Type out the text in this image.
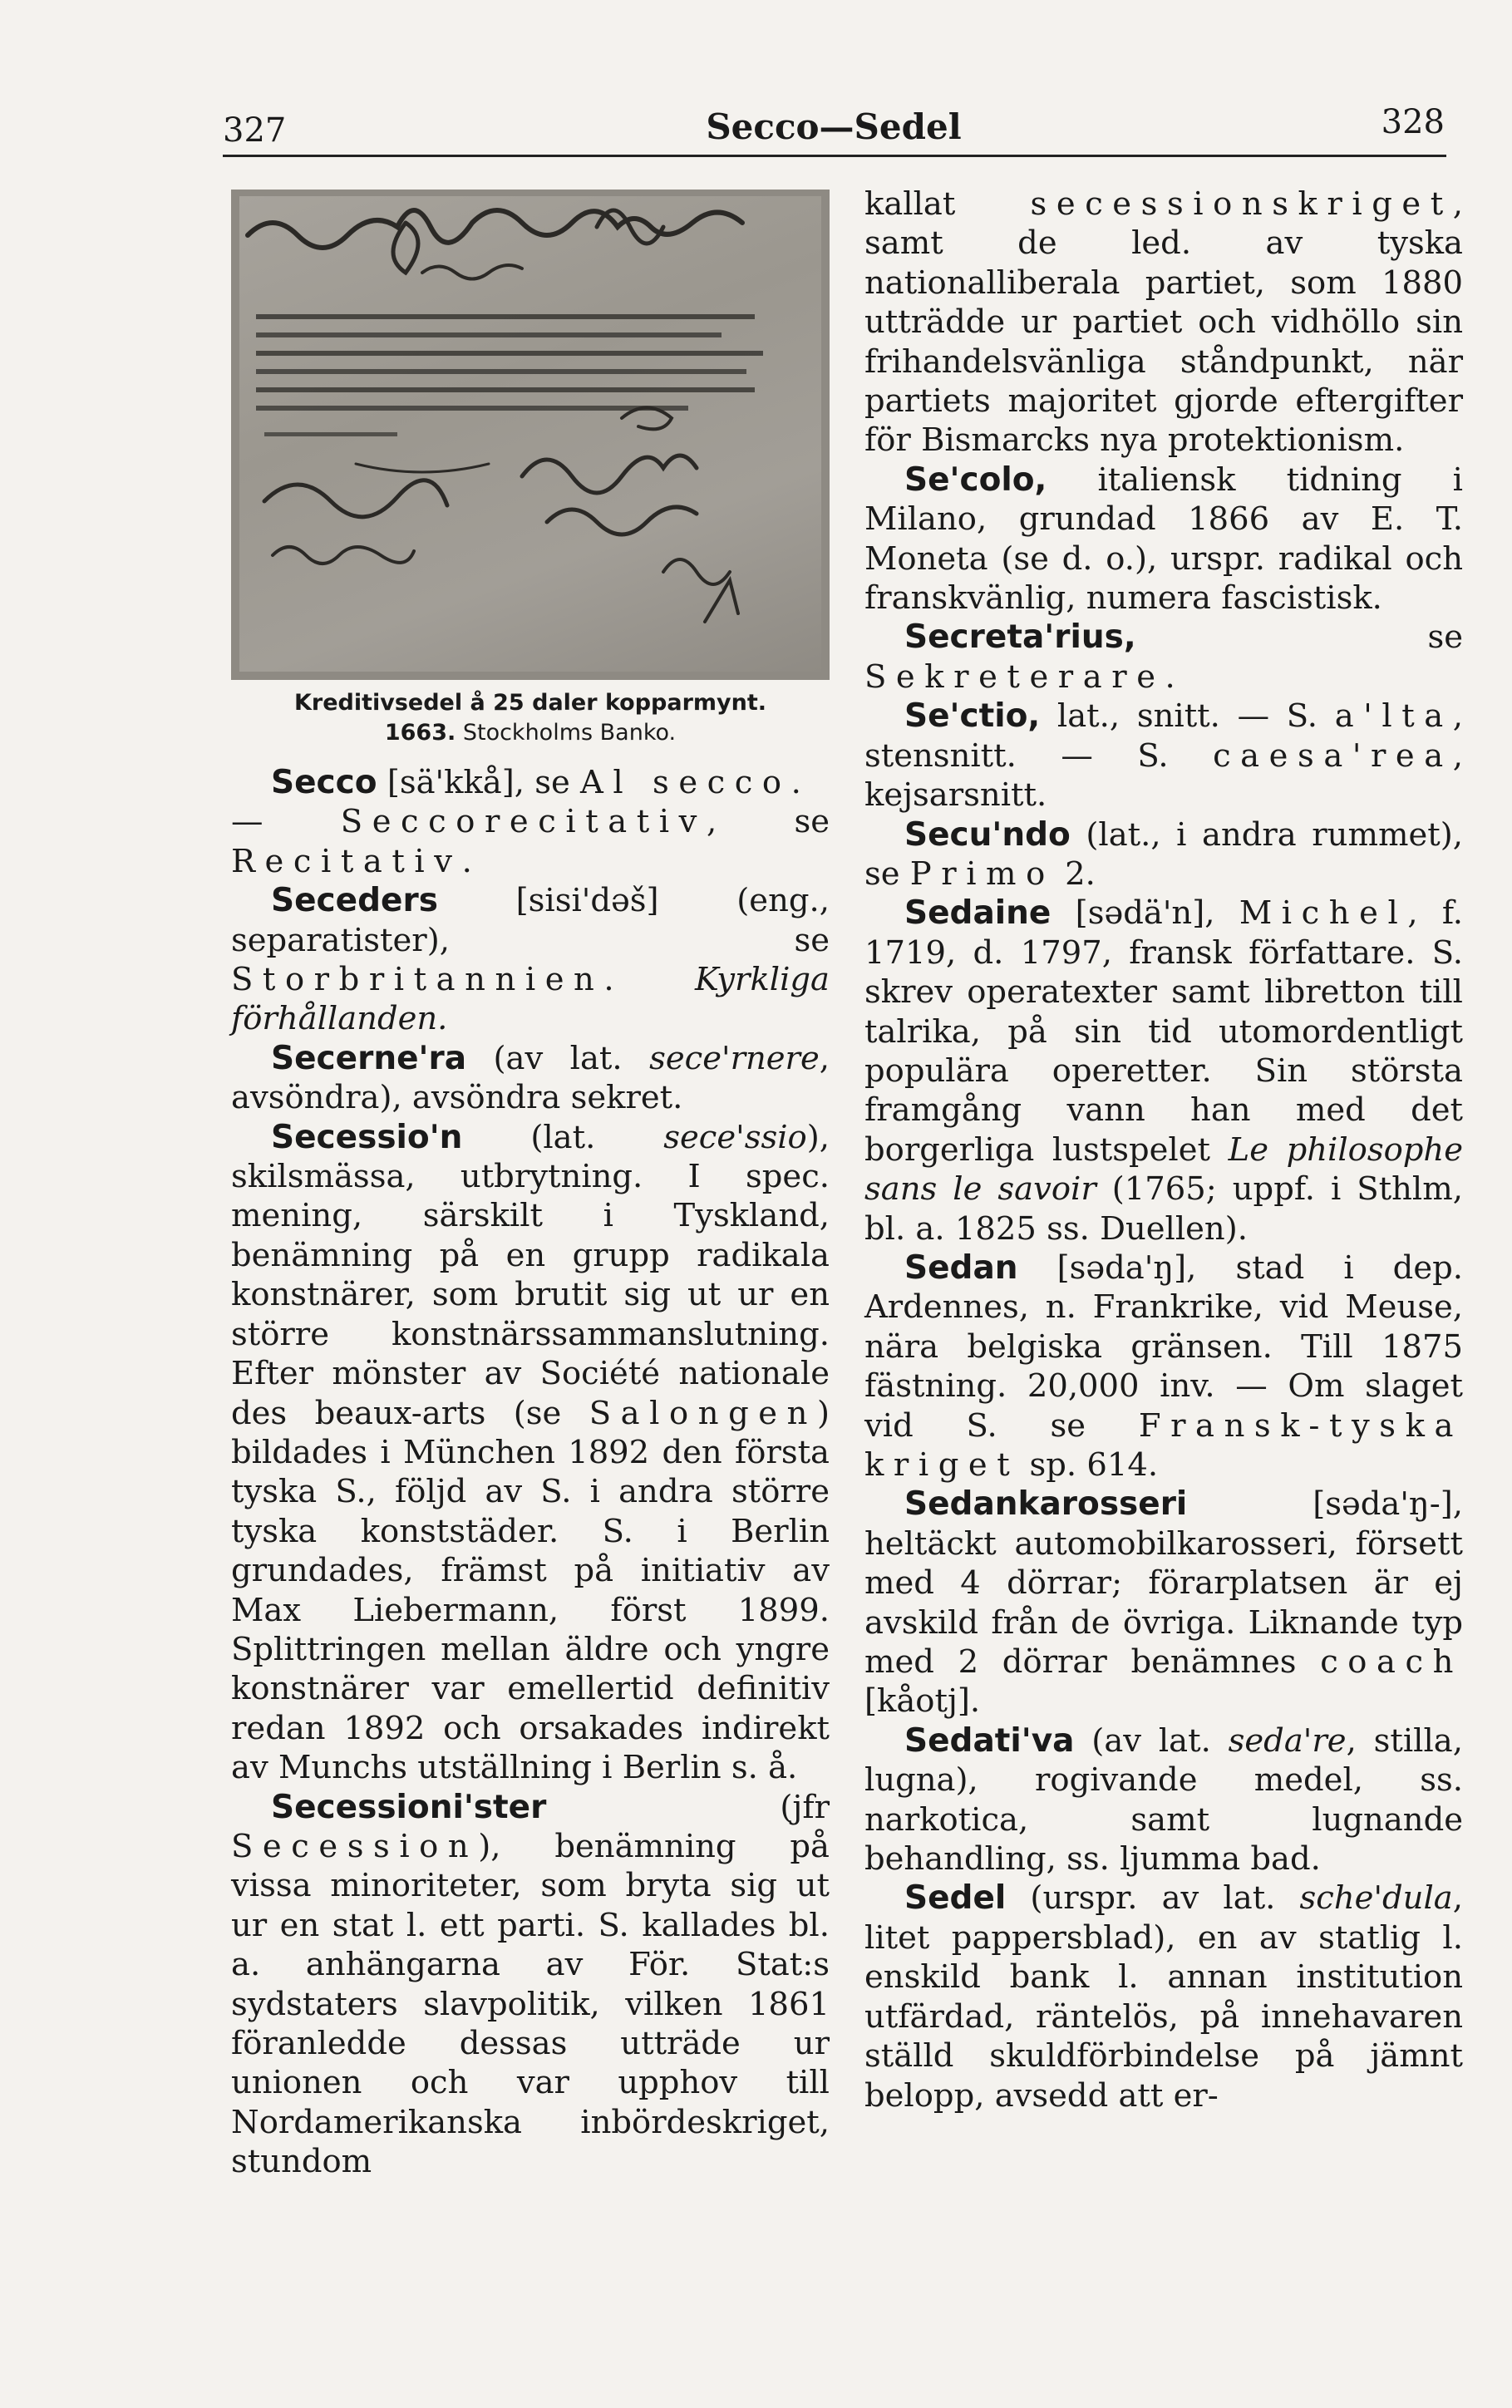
327	Secco—Sedel	328
Kreditivsedel å 25 daler kopparmynt.
1663. Stockholms Banko.

Secco [sä'kkå], se Al secco.

— Seccorecitativ, se Recitativ.

Seceders [sisi'dəš] (eng., separatister), se Storbritannien. Kyrkliga förhållanden.

Secerne'ra (av lat. sece'rnere, avsöndra), avsöndra sekret.

Secessio'n (lat. sece'ssio), skilsmässa, utbrytning. I spec. mening, särskilt i Tyskland, benämning på en grupp radikala konstnärer, som brutit sig ut ur en större konstnärssammanslutning. Efter mönster av Société nationale des beaux-arts (se Salongen) bildades i München 1892 den första tyska S., följd av S. i andra större tyska konststäder. S. i Berlin grundades, främst på initiativ av Max Liebermann, först 1899. Splittringen mellan äldre och yngre konstnärer var emellertid definitiv redan 1892 och orsakades indirekt av Munchs utställning i Berlin s. å.

Secessioni'ster (jfr Secession), benämning på vissa minoriteter, som bryta sig ut ur en stat l. ett parti. S. kallades bl. a. anhängarna av För. Stat:s sydstaters slavpolitik, vilken 1861 föranledde dessas utträde ur unionen och var upphov till Nordamerikanska inbördeskriget, stundom

kallat secessionskriget, samt de led. av tyska nationalliberala partiet, som 1880 utträdde ur partiet och vidhöllo sin frihandelsvänliga ståndpunkt, när partiets majoritet gjorde eftergifter för Bismarcks nya protektionism.

Se'colo, italiensk tidning i Milano, grundad 1866 av E. T. Moneta (se d. o.), urspr. radikal och franskvänlig, numera fascistisk.

Secreta'rius, se Sekreterare.

Se'ctio, lat., snitt. — S. a'lta, stensnitt. — S. caesa'rea, kejsarsnitt.

Secu'ndo (lat., i andra rummet), se Primo 2.

Sedaine [sədä'n], Michel, f. 1719, d. 1797, fransk författare. S. skrev operatexter samt libretton till talrika, på sin tid utomordentligt populära operetter. Sin största framgång vann han med det borgerliga lustspelet Le philosophe sans le savoir (1765; uppf. i Sthlm, bl. a. 1825 ss. Duellen).

Sedan [səda'ŋ], stad i dep. Ardennes, n. Frankrike, vid Meuse, nära belgiska gränsen. Till 1875 fästning. 20,000 inv. — Om slaget vid S. se Fransk-tyska kriget sp. 614.

Sedankarosseri [səda'ŋ-], heltäckt automobilkarosseri, försett med 4 dörrar; förarplatsen är ej avskild från de övriga. Liknande typ med 2 dörrar benämnes coach [kåotj].

Sedati'va (av lat. seda're, stilla, lugna), rogivande medel, ss. narkotica, samt lugnande behandling, ss. ljumma bad.

Sedel (urspr. av lat. sche'dula, litet pappersblad), en av statlig l. enskild bank l. annan institution utfärdad, räntelös, på innehavaren ställd skuldförbindelse på jämnt belopp, avsedd att er-
